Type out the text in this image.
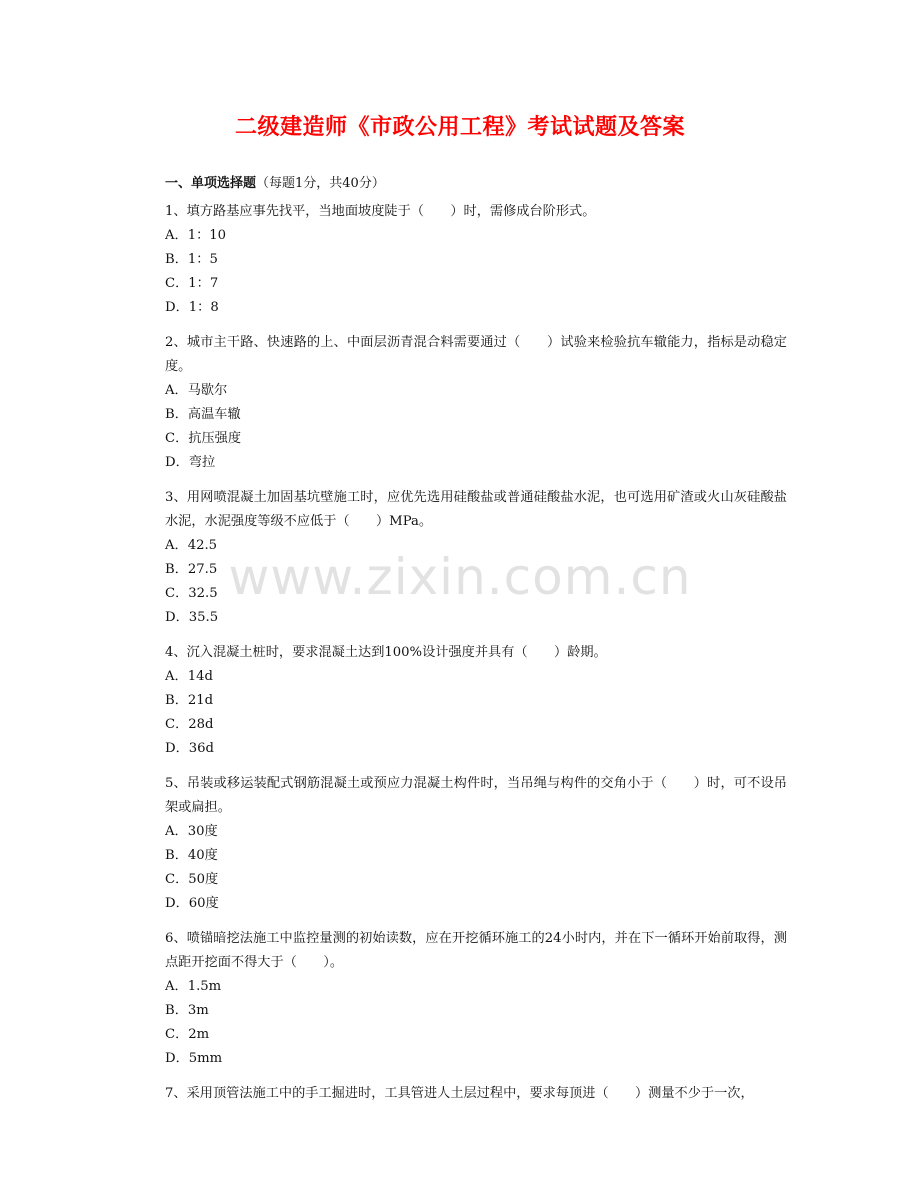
二级建造师《市政公用工程》考试试题及答案
一、单项选择题（每题1分，共40分）
1、填方路基应事先找平，当地面坡度陡于（　　）时，需修成台阶形式。
A．1：10
B．1：5
C．1：7
D．1：8
2、城市主干路、快速路的上、中面层沥青混合料需要通过（　　）试验来检验抗车辙能力，指标是动稳定度。
A．马歇尔
B．高温车辙
C．抗压强度
D．弯拉
3、用网喷混凝土加固基坑壁施工时，应优先选用硅酸盐或普通硅酸盐水泥，也可选用矿渣或火山灰硅酸盐水泥，水泥强度等级不应低于（　　）MPa。
A．42.5
B．27.5
C．32.5
D．35.5
4、沉入混凝土桩时，要求混凝土达到100%设计强度并具有（　　）龄期。
A．14d
B．21d
C．28d
D．36d
5、吊装或移运装配式钢筋混凝土或预应力混凝土构件时，当吊绳与构件的交角小于（　　）时，可不设吊架或扁担。
A．30度
B．40度
C．50度
D．60度
6、喷锚暗挖法施工中监控量测的初始读数，应在开挖循环施工的24小时内，并在下一循环开始前取得，测点距开挖面不得大于（　　）。
A．1.5m
B．3m
C．2m
D．5mm
7、采用顶管法施工中的手工掘进时，工具管进人土层过程中，要求每顶进（　　）测量不少于一次，
www.zixin.com.cn
